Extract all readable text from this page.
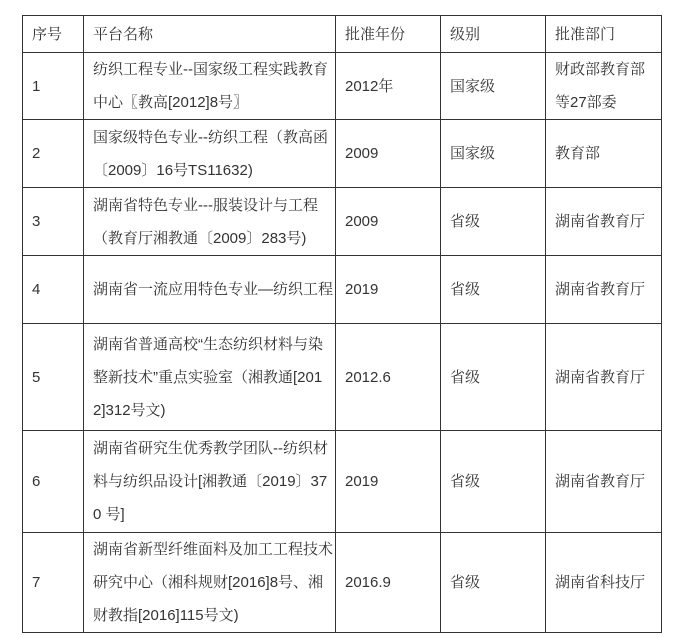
序号	平台名称	批准年份	级别	批准部门
1	纺织工程专业--国家级工程实践教育中心〖教高[2012]8号〗	2012年	国家级	财政部教育部等27部委
2	国家级特色专业--纺织工程（教高函〔2009〕16号TS11632)	2009	国家级	教育部
3	湖南省特色专业---服装设计与工程（教育厅湘教通〔2009〕283号)	2009	省级	湖南省教育厅
4	湖南省一流应用特色专业—纺织工程	2019	省级	湖南省教育厅
5	湖南省普通高校“生态纺织材料与染整新技术”重点实验室（湘教通[2012]312号文)	2012.6	省级	湖南省教育厅
6	湖南省研究生优秀教学团队--纺织材料与纺织品设计[湘教通〔2019〕370 号]	2019	省级	湖南省教育厅
7	湖南省新型纤维面料及加工工程技术研究中心（湘科规财[2016]8号、湘财教指[2016]115号文)	2016.9	省级	湖南省科技厅
